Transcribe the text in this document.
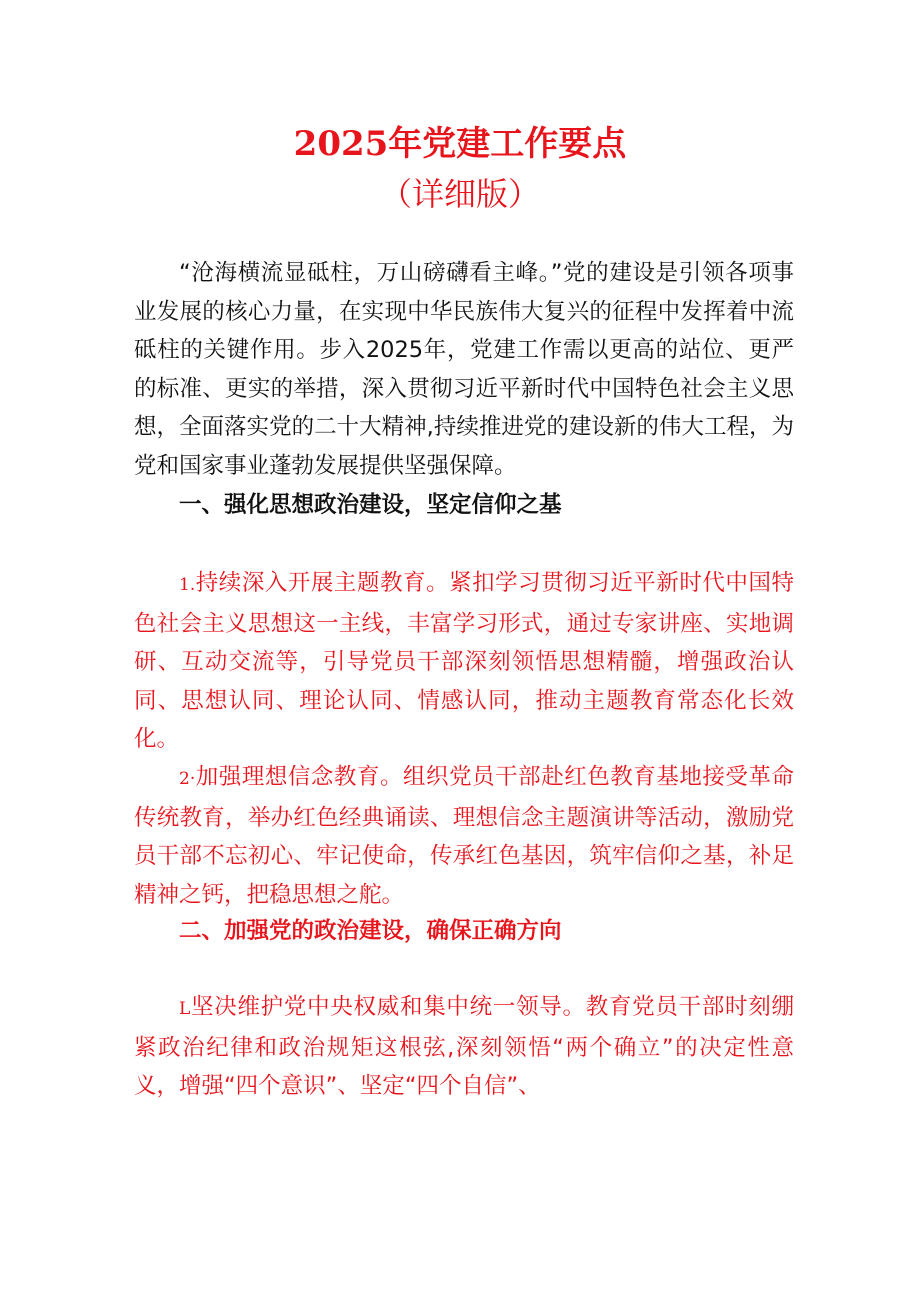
2025年党建工作要点
（详细版）

“沧海横流显砥柱，万山磅礴看主峰。”党的建设是引领各项事业发展的核心力量，在实现中华民族伟大复兴的征程中发挥着中流砥柱的关键作用。步入2025年，党建工作需以更高的站位、更严的标准、更实的举措，深入贯彻习近平新时代中国特色社会主义思想，全面落实党的二十大精神,持续推进党的建设新的伟大工程，为党和国家事业蓬勃发展提供坚强保障。

一、强化思想政治建设，坚定信仰之基

1.持续深入开展主题教育。紧扣学习贯彻习近平新时代中国特色社会主义思想这一主线，丰富学习形式，通过专家讲座、实地调研、互动交流等，引导党员干部深刻领悟思想精髓，增强政治认同、思想认同、理论认同、情感认同，推动主题教育常态化长效化。

2·加强理想信念教育。组织党员干部赴红色教育基地接受革命传统教育，举办红色经典诵读、理想信念主题演讲等活动，激励党员干部不忘初心、牢记使命，传承红色基因，筑牢信仰之基，补足精神之钙，把稳思想之舵。

二、加强党的政治建设，确保正确方向

L坚决维护党中央权威和集中统一领导。教育党员干部时刻绷紧政治纪律和政治规矩这根弦,深刻领悟“两个确立”的决定性意义，增强“四个意识”、坚定“四个自信”、
